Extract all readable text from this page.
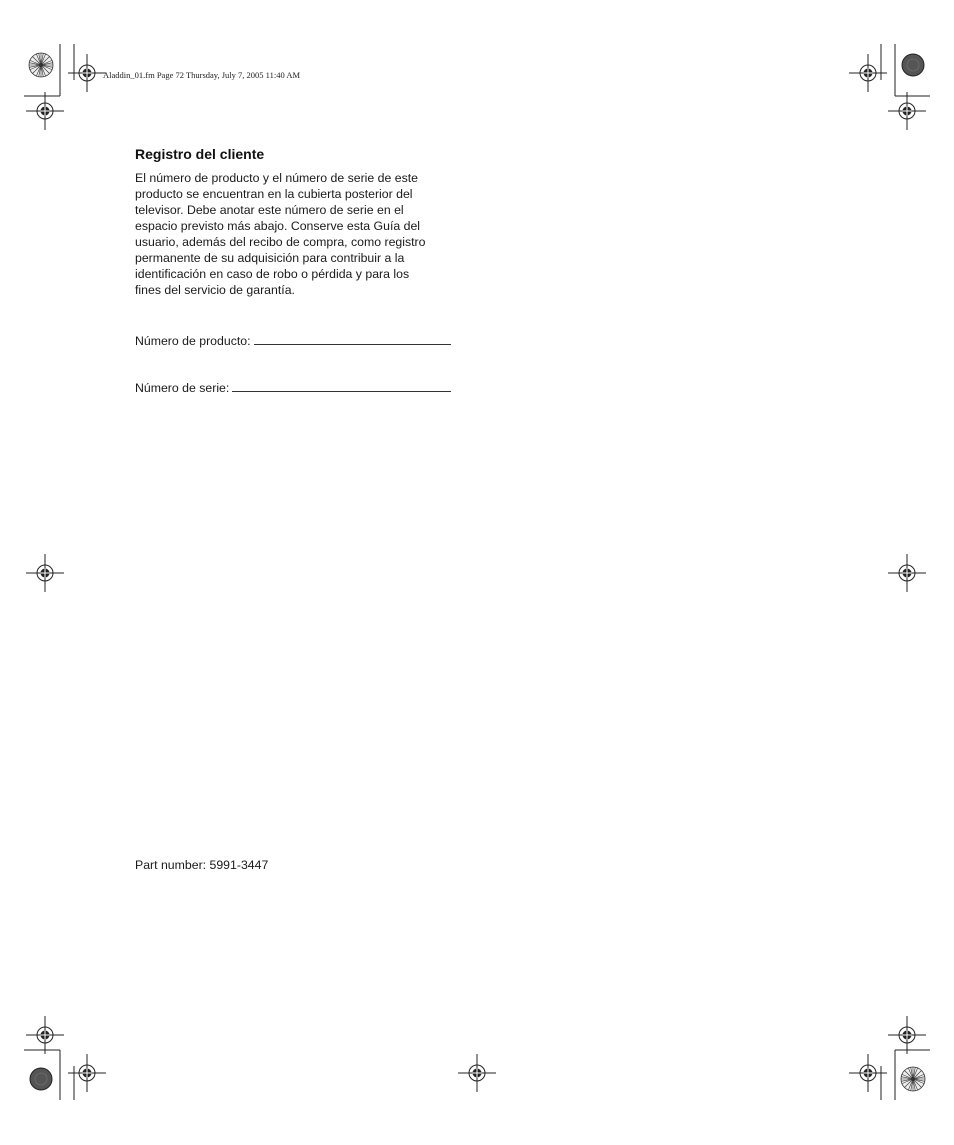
Aladdin_01.fm Page 72 Thursday, July 7, 2005 11:40 AM
Registro del cliente
El número de producto y el número de serie de este
producto se encuentran en la cubierta posterior del
televisor. Debe anotar este número de serie en el
espacio previsto más abajo. Conserve esta Guía del
usuario, además del recibo de compra, como registro
permanente de su adquisición para contribuir a la
identificación en caso de robo o pérdida y para los
fines del servicio de garantía.
Número de producto:
Número de serie:
Part number: 5991-3447
